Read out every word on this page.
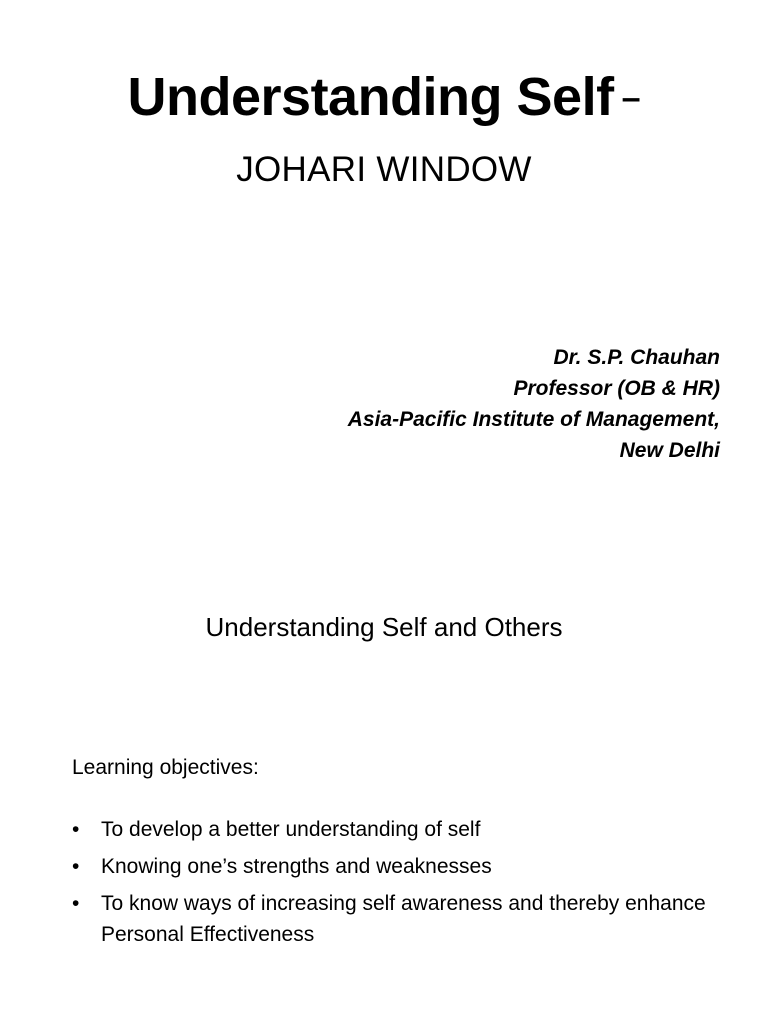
Understanding Self –
JOHARI WINDOW
Dr. S.P. Chauhan
Professor (OB & HR)
Asia-Pacific Institute of Management,
New Delhi
Understanding Self and Others
Learning objectives:
• To develop a better understanding of self
• Knowing one’s strengths and weaknesses
• To know ways of increasing self awareness and thereby enhance Personal Effectiveness
